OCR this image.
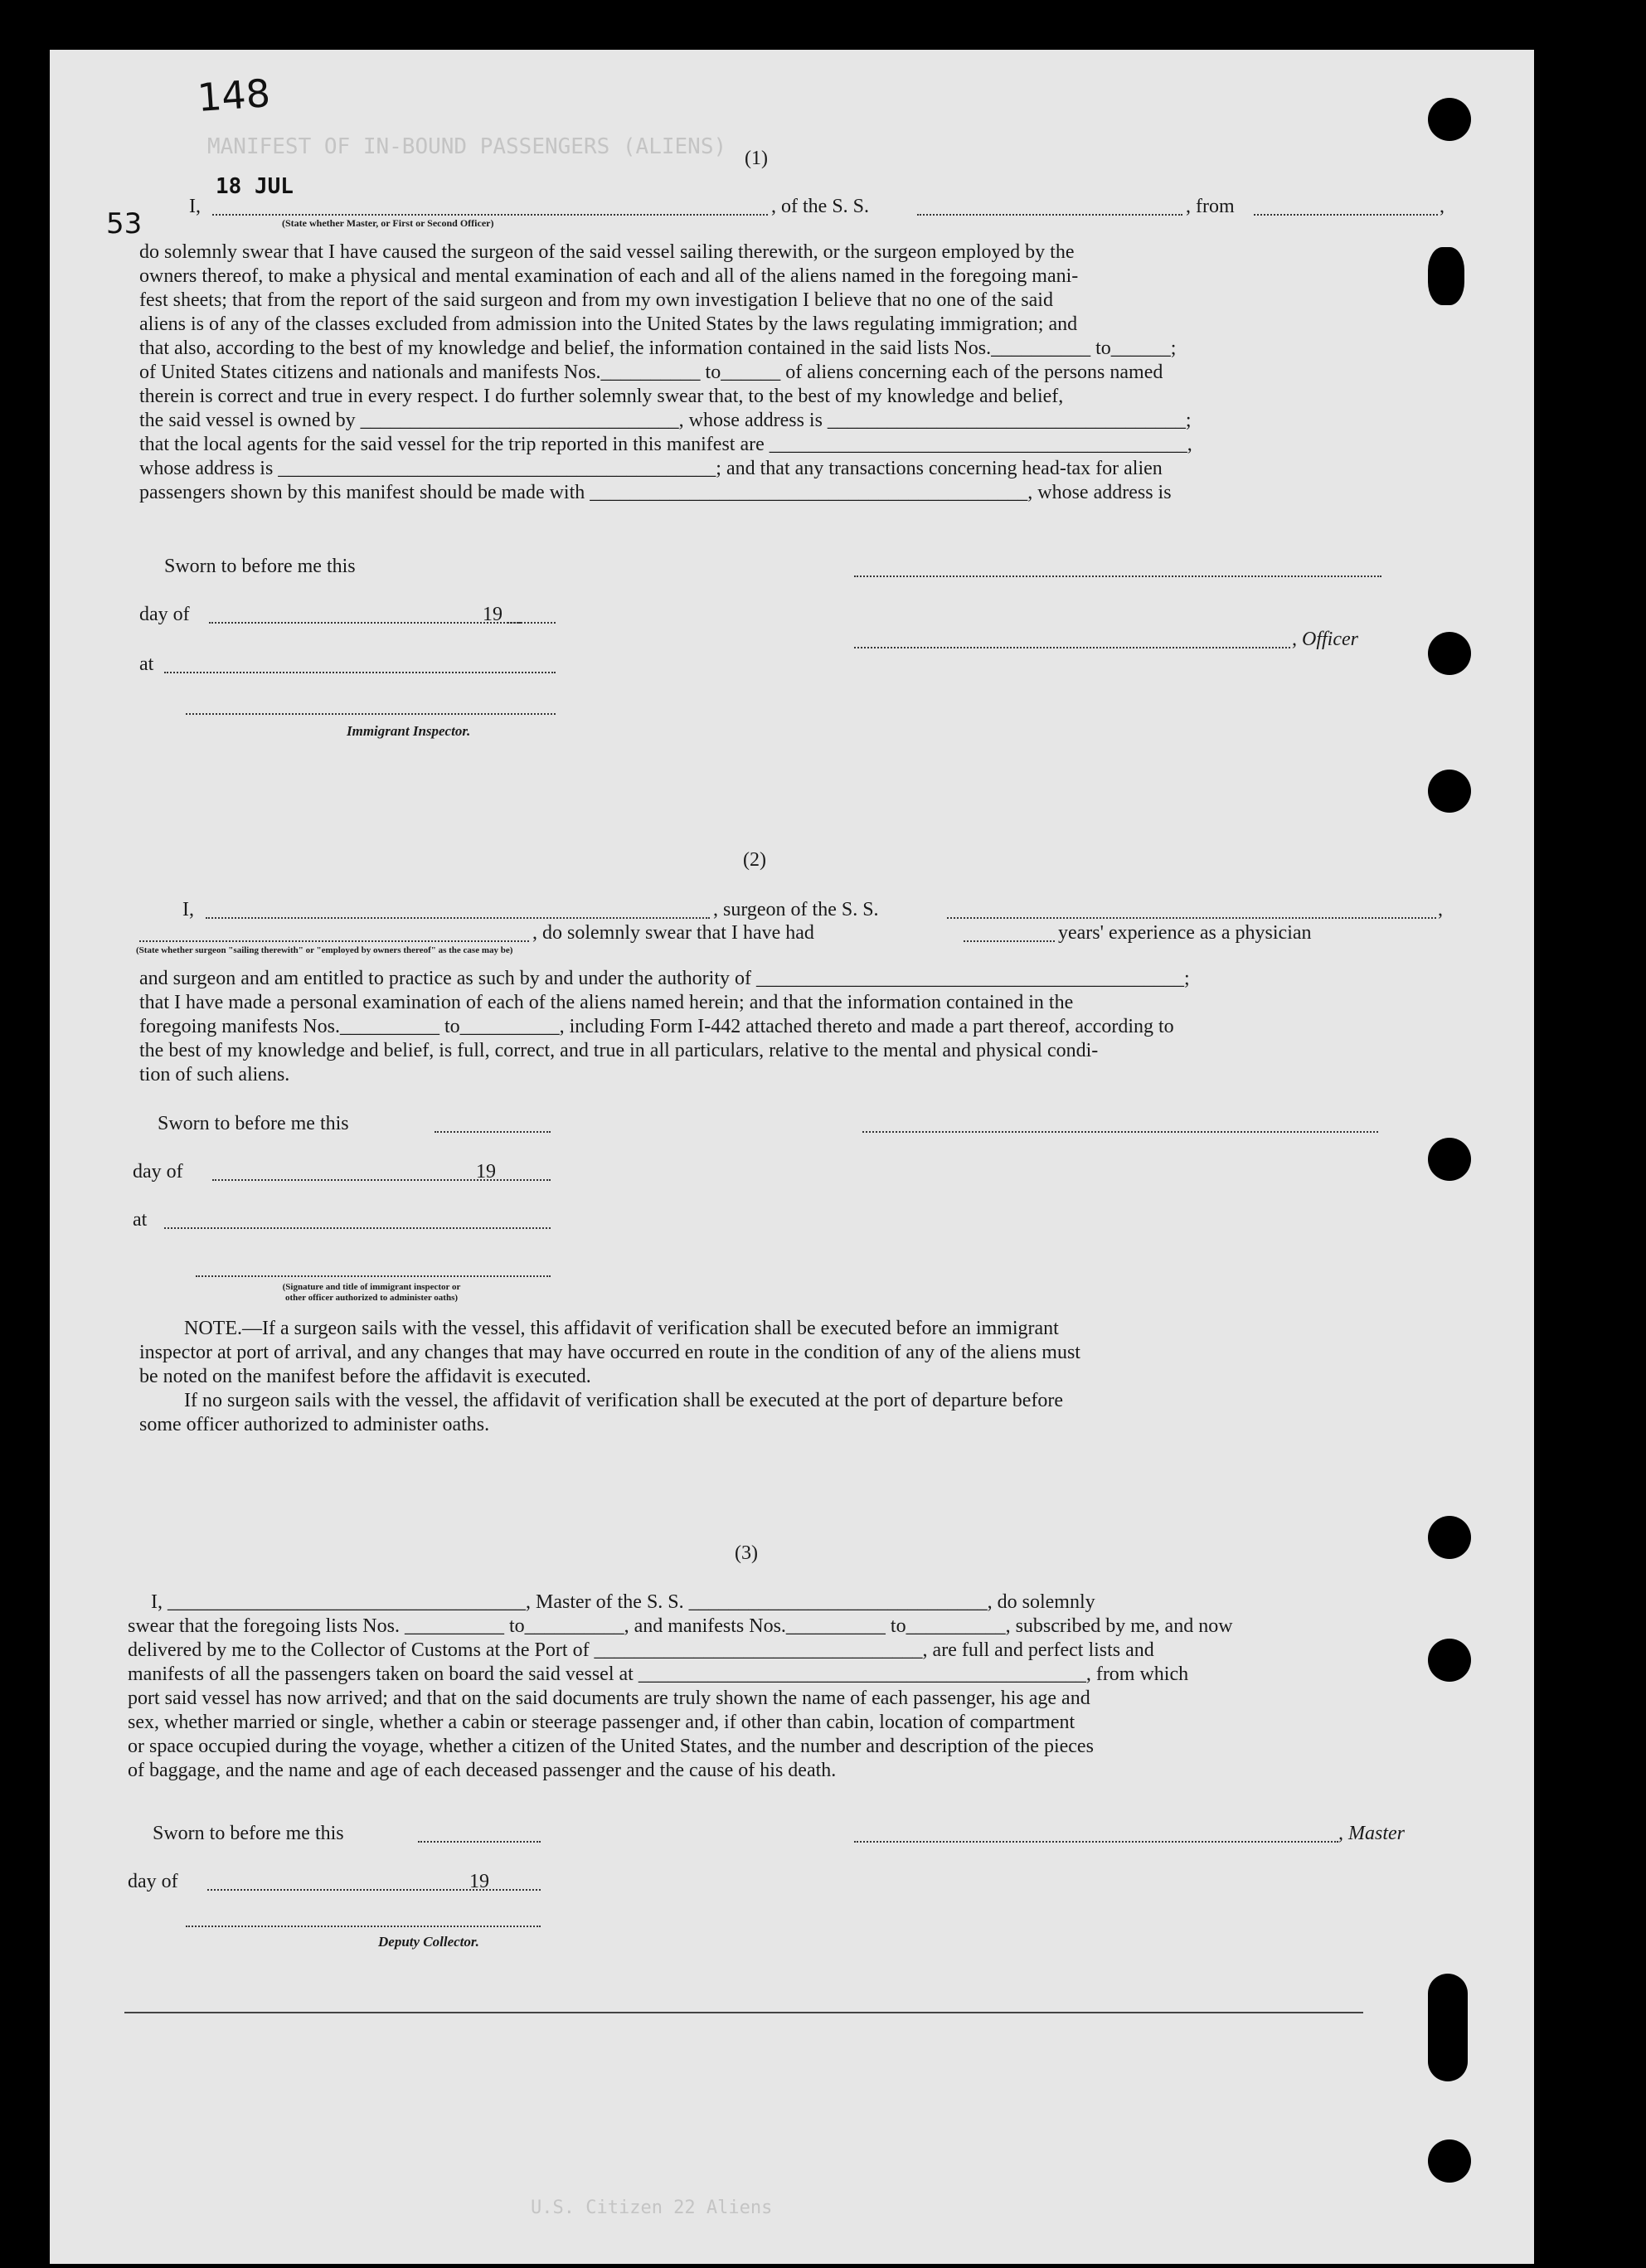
148
53
18 JUL
MANIFEST OF IN-BOUND PASSENGERS (ALIENS)
U.S. Citizen 22 Aliens
(1)
I,	, of the S. S.	, from	,
(State whether Master, or First or Second Officer)
do solemnly swear that I have caused the surgeon of the said vessel sailing therewith, or the surgeon employed by the
owners thereof, to make a physical and mental examination of each and all of the aliens named in the foregoing mani-
fest sheets; that from the report of the said surgeon and from my own investigation I believe that no one of the said
aliens is of any of the classes excluded from admission into the United States by the laws regulating immigration; and
that also, according to the best of my knowledge and belief, the information contained in the said lists Nos.__________ to______;
of United States citizens and nationals and manifests Nos.__________ to______ of aliens concerning each of the persons named
therein is correct and true in every respect. I do further solemnly swear that, to the best of my knowledge and belief,
the said vessel is owned by ________________________________, whose address is ____________________________________;
that the local agents for the said vessel for the trip reported in this manifest are __________________________________________,
whose address is ____________________________________________; and that any transactions concerning head-tax for alien
passengers shown by this manifest should be made with ____________________________________________, whose address is
Sworn to before me this
day of	19
, Officer
at
Immigrant Inspector.
(2)
I,	, surgeon of the S. S.	,
, do solemnly swear that I have had	years' experience as a physician
(State whether surgeon "sailing therewith" or "employed by owners thereof" as the case may be)
and surgeon and am entitled to practice as such by and under the authority of ___________________________________________;
that I have made a personal examination of each of the aliens named herein; and that the information contained in the
foregoing manifests Nos.__________ to__________, including Form I-442 attached thereto and made a part thereof, according to
the best of my knowledge and belief, is full, correct, and true in all particulars, relative to the mental and physical condi-
tion of such aliens.
Sworn to before me this
day of	19
at
(Signature and title of immigrant inspector or
other officer authorized to administer oaths)
NOTE.—If a surgeon sails with the vessel, this affidavit of verification shall be executed before an immigrant
inspector at port of arrival, and any changes that may have occurred en route in the condition of any of the aliens must
be noted on the manifest before the affidavit is executed.
If no surgeon sails with the vessel, the affidavit of verification shall be executed at the port of departure before
some officer authorized to administer oaths.
(3)
I, ____________________________________, Master of the S. S. ______________________________, do solemnly
swear that the foregoing lists Nos. __________ to__________, and manifests Nos.__________ to__________, subscribed by me, and now
delivered by me to the Collector of Customs at the Port of _________________________________, are full and perfect lists and
manifests of all the passengers taken on board the said vessel at _____________________________________________, from which
port said vessel has now arrived; and that on the said documents are truly shown the name of each passenger, his age and
sex, whether married or single, whether a cabin or steerage passenger and, if other than cabin, location of compartment
or space occupied during the voyage, whether a citizen of the United States, and the number and description of the pieces
of baggage, and the name and age of each deceased passenger and the cause of his death.
Sworn to before me this	, Master
day of	19
Deputy Collector.
